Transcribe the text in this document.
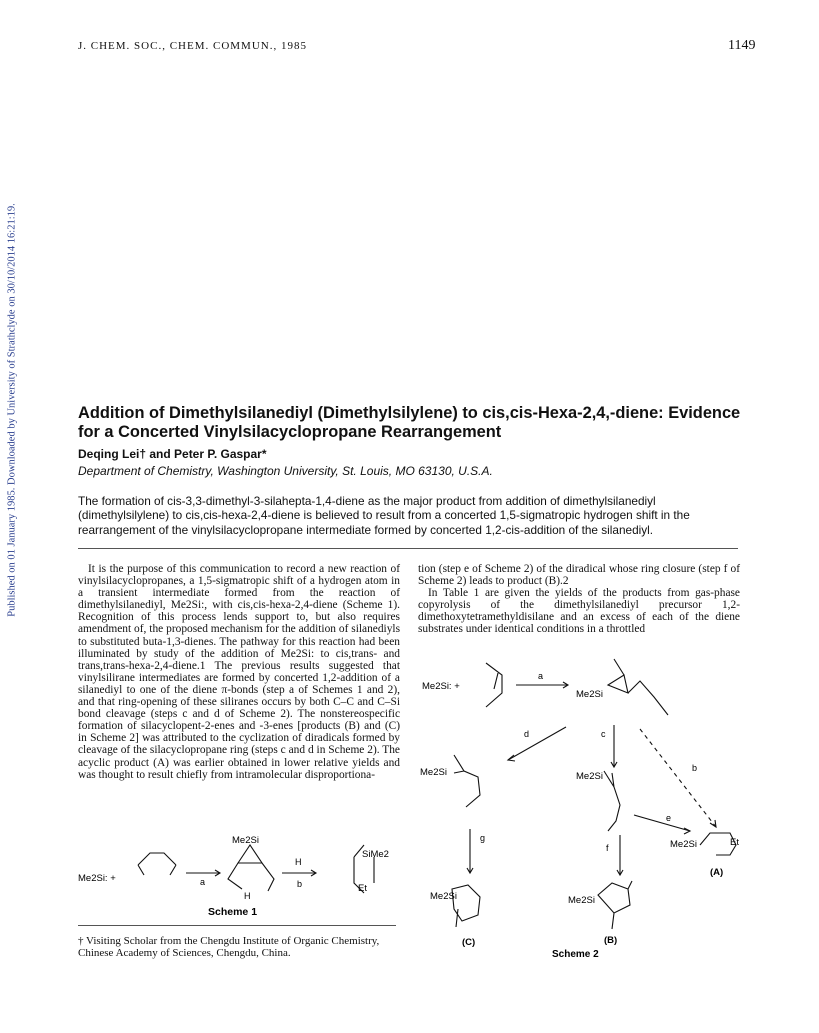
J. CHEM. SOC., CHEM. COMMUN., 1985	1149
Published on 01 January 1985. Downloaded by University of Strathclyde on 30/10/2014 16:21:19.	Addition of Dimethylsilanediyl (Dimethylsilylene) to cis,cis-Hexa-2,4,-diene: Evidence
for a Concerted Vinylsilacyclopropane Rearrangement
Deqing Lei† and Peter P. Gaspar*
Department of Chemistry, Washington University, St. Louis, MO 63130, U.S.A.
The formation of cis-3,3-dimethyl-3-silahepta-1,4-diene as the major product from addition of dimethylsilanediyl (dimethylsilylene) to cis,cis-hexa-2,4-diene is believed to result from a concerted 1,5-sigmatropic hydrogen shift in the rearrangement of the vinylsilacyclopropane intermediate formed by concerted 1,2-cis-addition of the silanediyl.

It is the purpose of this communication to record a new reaction of vinylsilacyclopropanes, a 1,5-sigmatropic shift of a hydrogen atom in a transient intermediate formed from the reaction of dimethylsilanediyl, Me2Si:, with cis,cis-hexa-2,4-diene (Scheme 1). Recognition of this process lends support to, but also requires amendment of, the proposed mechanism for the addition of silanediyls to substituted buta-1,3-dienes. The pathway for this reaction had been illuminated by study of the addition of Me2Si: to cis,trans- and trans,trans-hexa-2,4-diene.1 The previous results suggested that vinylsilirane intermediates are formed by concerted 1,2-addition of a silanediyl to one of the diene π-bonds (step a of Schemes 1 and 2), and that ring-opening of these siliranes occurs by both C–C and C–Si bond cleavage (steps c and d of Scheme 2). The nonstereospecific formation of silacyclopent-2-enes and -3-enes [products (B) and (C) in Scheme 2] was attributed to the cyclization of diradicals formed by cleavage of the silacyclopropane ring (steps c and d in Scheme 2). The acyclic product (A) was earlier obtained in lower relative yields and was thought to result chiefly from intramolecular disproportiona-

tion (step e of Scheme 2) of the diradical whose ring closure (step f of Scheme 2) leads to product (B).2

In Table 1 are given the yields of the products from gas-phase copyrolysis of the dimethylsilanediyl precursor 1,2-dimethoxytetramethyldisilane and an excess of each of the diene substrates under identical conditions in a throttled

Me2Si: +
Me2Si
a
H
H
b
SiMe2
Et
Scheme 1
† Visiting Scholar from the Chengdu Institute of Organic Chemistry,
Chinese Academy of Sciences, Chengdu, China.
Me2Si: +
a
Me2Si
d	c
b
Me2Si	Me2Si
e
g
f	Me2Si	Et
(A)
Me2Si	Me2Si
(C)	(B)
Scheme 2
